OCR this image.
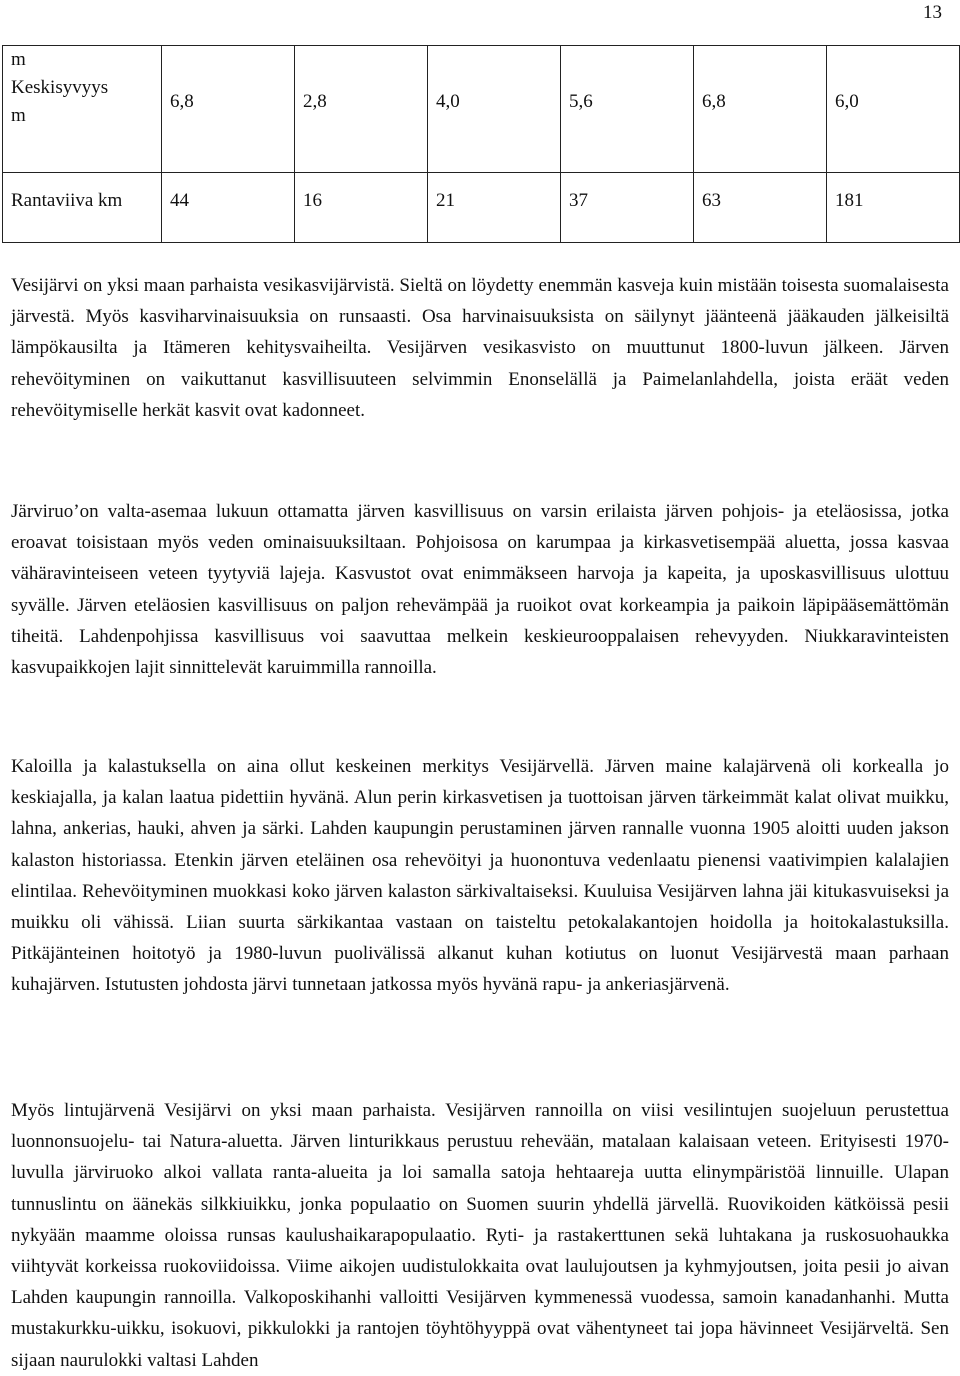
13
m
Keskisyvyys
m	6,8	2,8	4,0	5,6	6,8	6,0

Rantaviiva km	44	16	21	37	63	181

Vesijärvi on yksi maan parhaista vesikasvijärvistä. Sieltä on löydetty enemmän kasveja kuin mistään toisesta suomalaisesta järvestä. Myös kasviharvinaisuuksia on runsaasti. Osa harvinaisuuksista on säilynyt jäänteenä jääkauden jälkeisiltä lämpökausilta ja Itämeren kehitysvaiheilta. Vesijärven vesikasvisto on muuttunut 1800-luvun jälkeen. Järven rehevöityminen on vaikuttanut kasvillisuuteen selvimmin Enonselällä ja Paimelanlahdella, joista eräät veden rehevöitymiselle herkät kasvit ovat kadonneet.

Järviruo’on valta-asemaa lukuun ottamatta järven kasvillisuus on varsin erilaista järven pohjois- ja eteläosissa, jotka eroavat toisistaan myös veden ominaisuuksiltaan. Pohjoisosa on karumpaa ja kirkasvetisempää aluetta, jossa kasvaa vähäravinteiseen veteen tyytyviä lajeja. Kasvustot ovat enimmäkseen harvoja ja kapeita, ja uposkasvillisuus ulottuu syvälle. Järven eteläosien kasvillisuus on paljon rehevämpää ja ruoikot ovat korkeampia ja paikoin läpipääsemättömän tiheitä. Lahdenpohjissa kasvillisuus voi saavuttaa melkein keskieurooppalaisen rehevyyden. Niukkaravinteisten kasvupaikkojen lajit sinnittelevät karuimmilla rannoilla.

Kaloilla ja kalastuksella on aina ollut keskeinen merkitys Vesijärvellä. Järven maine kalajärvenä oli korkealla jo keskiajalla, ja kalan laatua pidettiin hyvänä. Alun perin kirkasvetisen ja tuottoisan järven tärkeimmät kalat olivat muikku, lahna, ankerias, hauki, ahven ja särki. Lahden kaupungin perustaminen järven rannalle vuonna 1905 aloitti uuden jakson kalaston historiassa. Etenkin järven eteläinen osa rehevöityi ja huonontuva vedenlaatu pienensi vaativimpien kalalajien elintilaa. Rehevöityminen muokkasi koko järven kalaston särkivaltaiseksi. Kuuluisa Vesijärven lahna jäi kitukasvuiseksi ja muikku oli vähissä. Liian suurta särkikantaa vastaan on taisteltu petokalakantojen hoidolla ja hoitokalastuksilla. Pitkäjänteinen hoitotyö ja 1980-luvun puolivälissä alkanut kuhan kotiutus on luonut Vesijärvestä maan parhaan kuhajärven. Istutusten johdosta järvi tunnetaan jatkossa myös hyvänä rapu- ja ankeriasjärvenä.

Myös lintujärvenä Vesijärvi on yksi maan parhaista. Vesijärven rannoilla on viisi vesilintujen suojeluun perustettua luonnonsuojelu- tai Natura-aluetta. Järven linturikkaus perustuu rehevään, matalaan kalaisaan veteen. Erityisesti 1970-luvulla järviruoko alkoi vallata ranta-alueita ja loi samalla satoja hehtaareja uutta elinympäristöä linnuille. Ulapan tunnuslintu on äänekäs silkkiuikku, jonka populaatio on Suomen suurin yhdellä järvellä. Ruovikoiden kätköissä pesii nykyään maamme oloissa runsas kaulushaikarapopulaatio. Ryti- ja rastakerttunen sekä luhtakana ja ruskosuohaukka viihtyvät korkeissa ruokoviidoissa. Viime aikojen uudistulokkaita ovat laulujoutsen ja kyhmyjoutsen, joita pesii jo aivan Lahden kaupungin rannoilla. Valkoposkihanhi valloitti Vesijärven kymmenessä vuodessa, samoin kanadanhanhi. Mutta mustakurkku-uikku, isokuovi, pikkulokki ja rantojen töyhtöhyyppä ovat vähentyneet tai jopa hävinneet Vesijärveltä. Sen sijaan naurulokki valtasi Lahden
